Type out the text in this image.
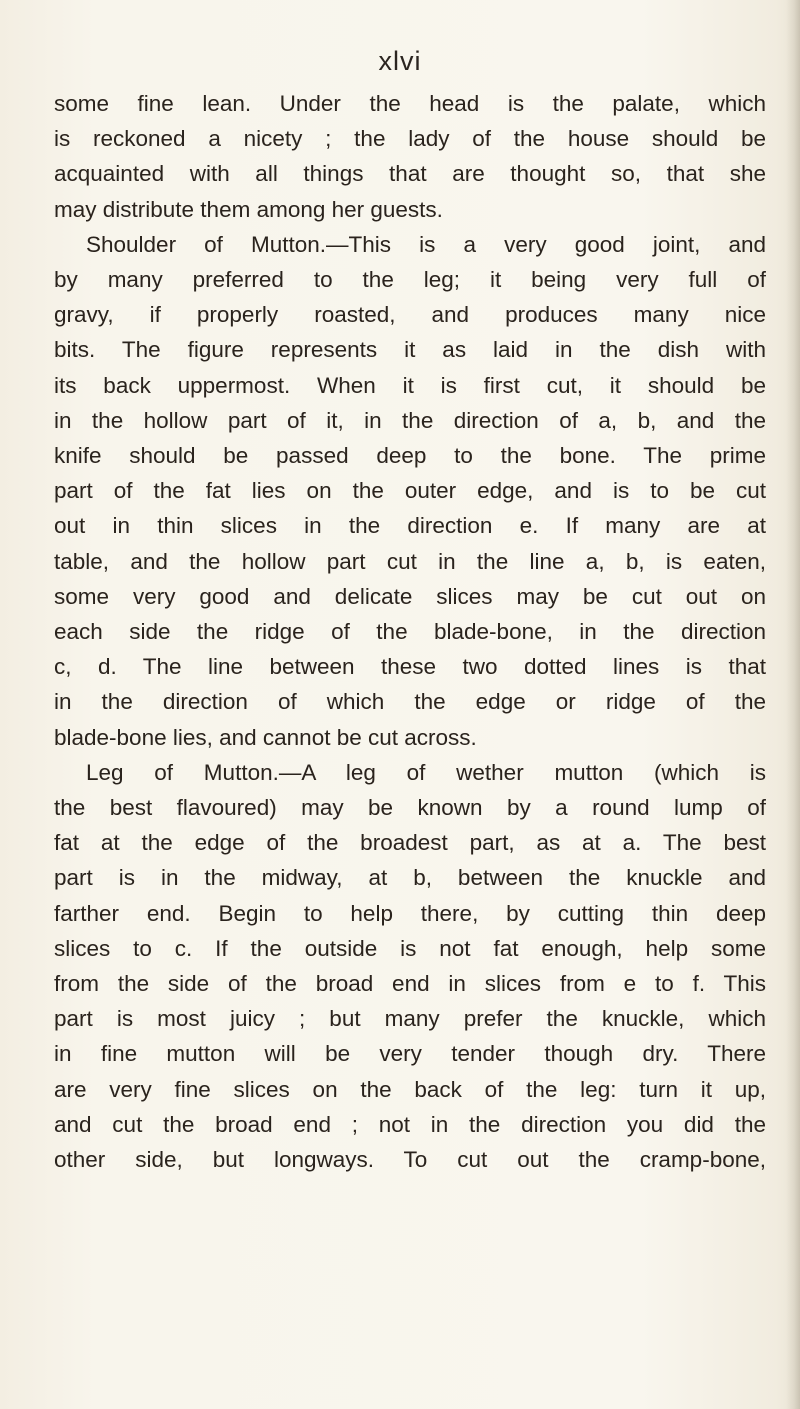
xlvi
some fine lean. Under the head is the palate, which
is reckoned a nicety ; the lady of the house should be
acquainted with all things that are thought so, that she
may distribute them among her guests.
Shoulder of Mutton.—This is a very good joint, and
by many preferred to the leg; it being very full of
gravy, if properly roasted, and produces many nice
bits. The figure represents it as laid in the dish with
its back uppermost. When it is first cut, it should be
in the hollow part of it, in the direction of a, b, and the
knife should be passed deep to the bone. The prime
part of the fat lies on the outer edge, and is to be cut
out in thin slices in the direction e. If many are at
table, and the hollow part cut in the line a, b, is eaten,
some very good and delicate slices may be cut out on
each side the ridge of the blade-bone, in the direction
c, d. The line between these two dotted lines is that
in the direction of which the edge or ridge of the
blade-bone lies, and cannot be cut across.
Leg of Mutton.—A leg of wether mutton (which is
the best flavoured) may be known by a round lump of
fat at the edge of the broadest part, as at a. The best
part is in the midway, at b, between the knuckle and
farther end. Begin to help there, by cutting thin deep
slices to c. If the outside is not fat enough, help some
from the side of the broad end in slices from e to f. This
part is most juicy ; but many prefer the knuckle, which
in fine mutton will be very tender though dry. There
are very fine slices on the back of the leg: turn it up,
and cut the broad end ; not in the direction you did the
other side, but longways. To cut out the cramp-bone,
